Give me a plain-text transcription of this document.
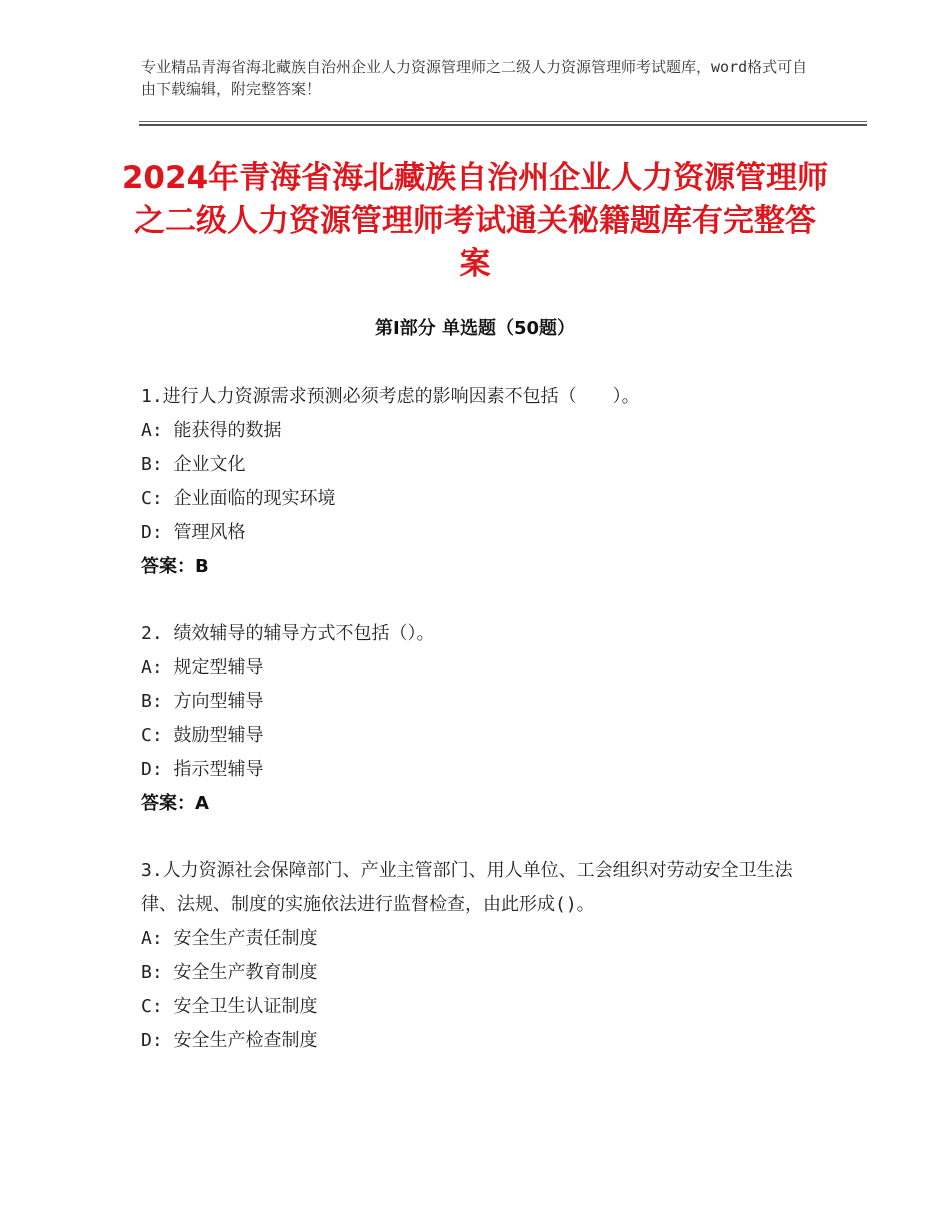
专业精品青海省海北藏族自治州企业人力资源管理师之二级人力资源管理师考试题库，word格式可自由下载编辑，附完整答案！
2024年青海省海北藏族自治州企业人力资源管理师之二级人力资源管理师考试通关秘籍题库有完整答案
第Ⅰ部分 单选题（50题）

1.进行人力资源需求预测必须考虑的影响因素不包括（　　）。

A: 能获得的数据

B: 企业文化

C: 企业面临的现实环境

D: 管理风格

答案：B

2. 绩效辅导的辅导方式不包括（）。

A: 规定型辅导

B: 方向型辅导

C: 鼓励型辅导

D: 指示型辅导

答案：A

3.人力资源社会保障部门、产业主管部门、用人单位、工会组织对劳动安全卫生法律、法规、制度的实施依法进行监督检查，由此形成()。

A: 安全生产责任制度

B: 安全生产教育制度

C: 安全卫生认证制度

D: 安全生产检查制度
